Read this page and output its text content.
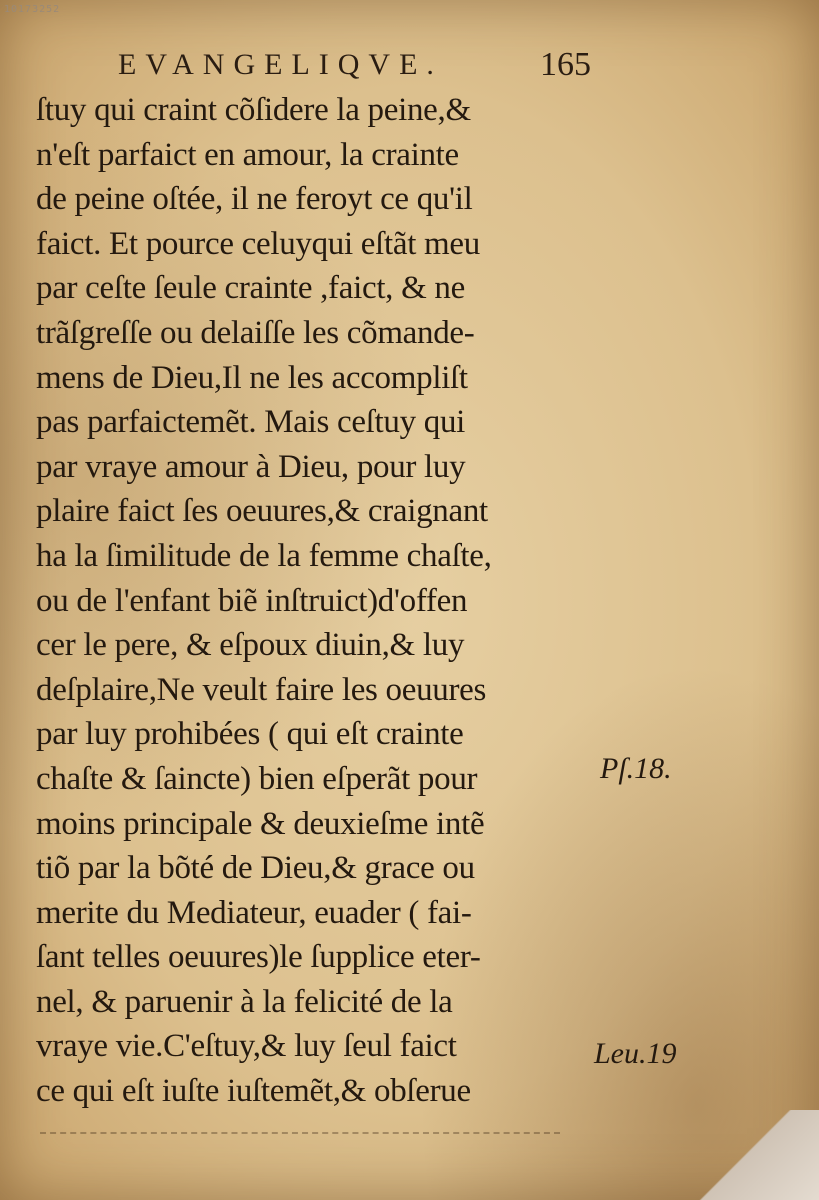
10173252
EVANGELIQVE.	165
ſtuy qui craint cõſidere la peine,&
n'eſt parfaict en amour, la crainte
de peine oſtée, il ne feroyt ce qu'il
faict. Et pource celuyqui eſtãt meu
par ceſte ſeule crainte ,faict, & ne
trãſgreſſe ou delaiſſe les cõmande-
mens de Dieu,Il ne les accompliſt
pas parfaictemẽt. Mais ceſtuy qui
par vraye amour à Dieu, pour luy
plaire faict ſes oeuures,& craignant
ha la ſimilitude de la femme chaſte,
ou de l'enfant biẽ inſtruict)d'offen
cer le pere, & eſpoux diuin,& luy
deſplaire,Ne veult faire les oeuures
par luy prohibées ( qui eſt crainte
chaſte & ſaincte) bien eſperãt pour
moins principale & deuxieſme intẽ
tiõ par la bõté de Dieu,& grace ou
merite du Mediateur, euader ( fai-
ſant telles oeuures)le ſupplice eter-
nel, & paruenir à la felicité de la
vraye vie.C'eſtuy,& luy ſeul faict
ce qui eſt iuſte iuſtemẽt,& obſerue
Pſ.18.
Leu.19
